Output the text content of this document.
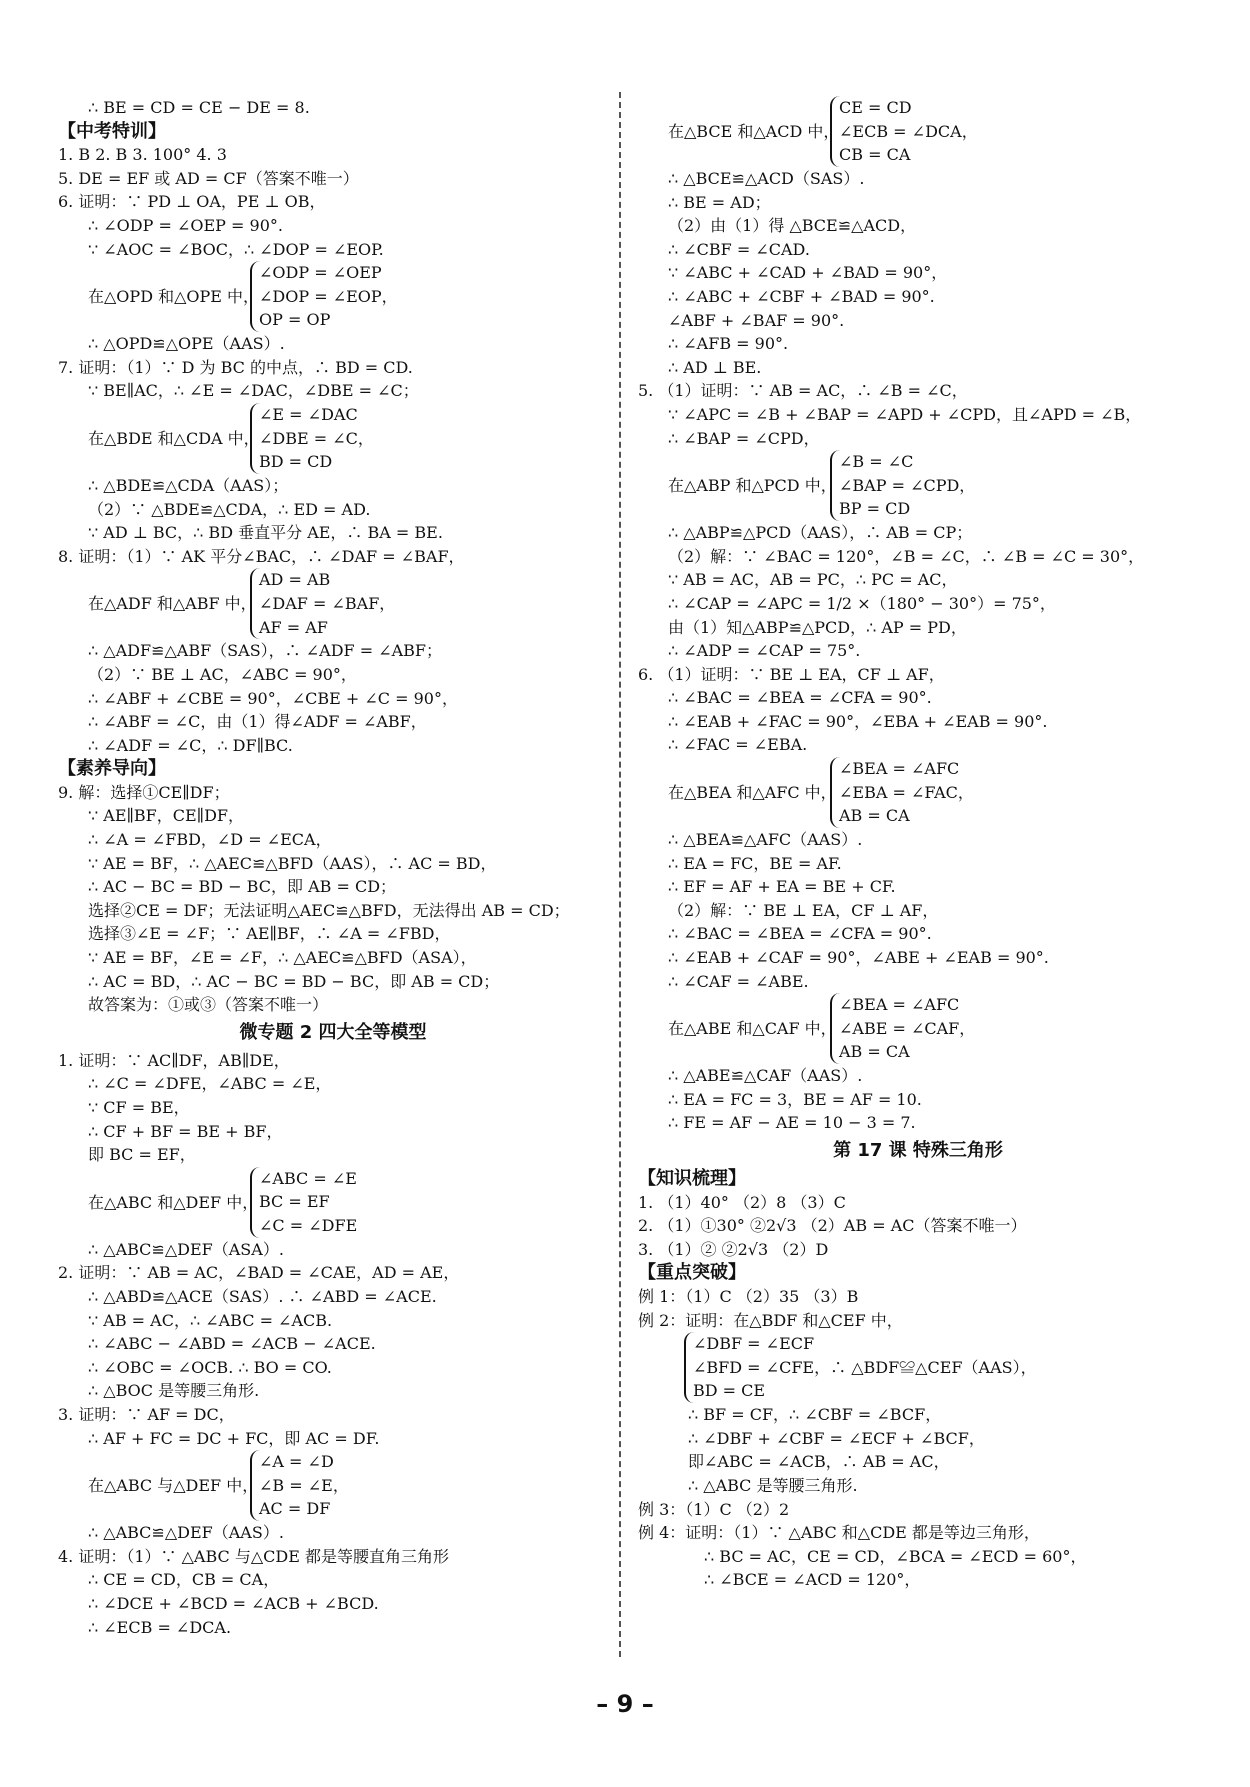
∴ BE = CD = CE − DE = 8.
【中考特训】
1. B 2. B 3. 100° 4. 3
5. DE = EF 或 AD = CF（答案不唯一）
6. 证明：∵ PD ⊥ OA，PE ⊥ OB，
∴ ∠ODP = ∠OEP = 90°.
∵ ∠AOC = ∠BOC，∴ ∠DOP = ∠EOP.
在△OPD 和△OPE 中，
∠ODP = ∠OEP
∠DOP = ∠EOP，
OP = OP
∴ △OPD≌△OPE（AAS）.
7. 证明：（1）∵ D 为 BC 的中点，∴ BD = CD.
∵ BE∥AC，∴ ∠E = ∠DAC，∠DBE = ∠C；
在△BDE 和△CDA 中，
∠E = ∠DAC
∠DBE = ∠C，
BD = CD
∴ △BDE≌△CDA（AAS）；
（2）∵ △BDE≌△CDA，∴ ED = AD.
∵ AD ⊥ BC，∴ BD 垂直平分 AE，∴ BA = BE.
8. 证明：（1）∵ AK 平分∠BAC，∴ ∠DAF = ∠BAF，
在△ADF 和△ABF 中，
AD = AB
∠DAF = ∠BAF，
AF = AF
∴ △ADF≌△ABF（SAS），∴ ∠ADF = ∠ABF；
（2）∵ BE ⊥ AC，∠ABC = 90°，
∴ ∠ABF + ∠CBE = 90°，∠CBE + ∠C = 90°，
∴ ∠ABF = ∠C，由（1）得∠ADF = ∠ABF，
∴ ∠ADF = ∠C，∴ DF∥BC.
【素养导向】
9. 解：选择①CE∥DF；
∵ AE∥BF，CE∥DF，
∴ ∠A = ∠FBD，∠D = ∠ECA，
∵ AE = BF，∴ △AEC≌△BFD（AAS），∴ AC = BD，
∴ AC − BC = BD − BC，即 AB = CD；
选择②CE = DF；无法证明△AEC≌△BFD，无法得出 AB = CD；
选择③∠E = ∠F；∵ AE∥BF，∴ ∠A = ∠FBD，
∵ AE = BF，∠E = ∠F，∴ △AEC≌△BFD（ASA），
∴ AC = BD，∴ AC − BC = BD − BC，即 AB = CD；
故答案为：①或③（答案不唯一）
微专题 2 四大全等模型
1. 证明：∵ AC∥DF，AB∥DE，
∴ ∠C = ∠DFE，∠ABC = ∠E，
∵ CF = BE，
∴ CF + BF = BE + BF，
即 BC = EF，
在△ABC 和△DEF 中，
∠ABC = ∠E
BC = EF
∠C = ∠DFE
∴ △ABC≌△DEF（ASA）.
2. 证明：∵ AB = AC，∠BAD = ∠CAE，AD = AE，
∴ △ABD≌△ACE（SAS）. ∴ ∠ABD = ∠ACE.
∵ AB = AC，∴ ∠ABC = ∠ACB.
∴ ∠ABC − ∠ABD = ∠ACB − ∠ACE.
∴ ∠OBC = ∠OCB. ∴ BO = CO.
∴ △BOC 是等腰三角形.
3. 证明：∵ AF = DC，
∴ AF + FC = DC + FC，即 AC = DF.
在△ABC 与△DEF 中，
∠A = ∠D
∠B = ∠E，
AC = DF
∴ △ABC≌△DEF（AAS）.
4. 证明：（1）∵ △ABC 与△CDE 都是等腰直角三角形
∴ CE = CD，CB = CA，
∴ ∠DCE + ∠BCD = ∠ACB + ∠BCD.
∴ ∠ECB = ∠DCA.
在△BCE 和△ACD 中，
CE = CD
∠ECB = ∠DCA，
CB = CA
∴ △BCE≌△ACD（SAS）.
∴ BE = AD；
（2）由（1）得 △BCE≌△ACD，
∴ ∠CBF = ∠CAD.
∵ ∠ABC + ∠CAD + ∠BAD = 90°，
∴ ∠ABC + ∠CBF + ∠BAD = 90°.
∠ABF + ∠BAF = 90°.
∴ ∠AFB = 90°.
∴ AD ⊥ BE.
5. （1）证明：∵ AB = AC，∴ ∠B = ∠C，
∵ ∠APC = ∠B + ∠BAP = ∠APD + ∠CPD，且∠APD = ∠B，
∴ ∠BAP = ∠CPD，
在△ABP 和△PCD 中，
∠B = ∠C
∠BAP = ∠CPD，
BP = CD
∴ △ABP≌△PCD（AAS），∴ AB = CP；
（2）解：∵ ∠BAC = 120°，∠B = ∠C，∴ ∠B = ∠C = 30°，
∵ AB = AC，AB = PC，∴ PC = AC，
∴ ∠CAP = ∠APC = 1/2 ×（180° − 30°）= 75°，
由（1）知△ABP≌△PCD，∴ AP = PD，
∴ ∠ADP = ∠CAP = 75°.
6. （1）证明：∵ BE ⊥ EA，CF ⊥ AF，
∴ ∠BAC = ∠BEA = ∠CFA = 90°.
∴ ∠EAB + ∠FAC = 90°，∠EBA + ∠EAB = 90°.
∴ ∠FAC = ∠EBA.
在△BEA 和△AFC 中，
∠BEA = ∠AFC
∠EBA = ∠FAC，
AB = CA
∴ △BEA≌△AFC（AAS）.
∴ EA = FC，BE = AF.
∴ EF = AF + EA = BE + CF.
（2）解：∵ BE ⊥ EA，CF ⊥ AF，
∴ ∠BAC = ∠BEA = ∠CFA = 90°.
∴ ∠EAB + ∠CAF = 90°，∠ABE + ∠EAB = 90°.
∴ ∠CAF = ∠ABE.
在△ABE 和△CAF 中，
∠BEA = ∠AFC
∠ABE = ∠CAF，
AB = CA
∴ △ABE≌△CAF（AAS）.
∴ EA = FC = 3，BE = AF = 10.
∴ FE = AF − AE = 10 − 3 = 7.
第 17 课 特殊三角形
【知识梳理】
1. （1）40° （2）8 （3）C
2. （1）①30° ②2√3 （2）AB = AC（答案不唯一）
3. （1）② ②2√3 （2）D
【重点突破】
例 1：（1）C （2）35 （3）B
例 2：证明：在△BDF 和△CEF 中，
∠DBF = ∠ECF
∠BFD = ∠CFE，∴ △BDF≌△CEF（AAS），
BD = CE
∴ BF = CF，∴ ∠CBF = ∠BCF，
∴ ∠DBF + ∠CBF = ∠ECF + ∠BCF，
即∠ABC = ∠ACB，∴ AB = AC，
∴ △ABC 是等腰三角形.
例 3：（1）C （2）2
例 4：证明：（1）∵ △ABC 和△CDE 都是等边三角形，
∴ BC = AC，CE = CD，∠BCA = ∠ECD = 60°，
∴ ∠BCE = ∠ACD = 120°，
– 9 –
